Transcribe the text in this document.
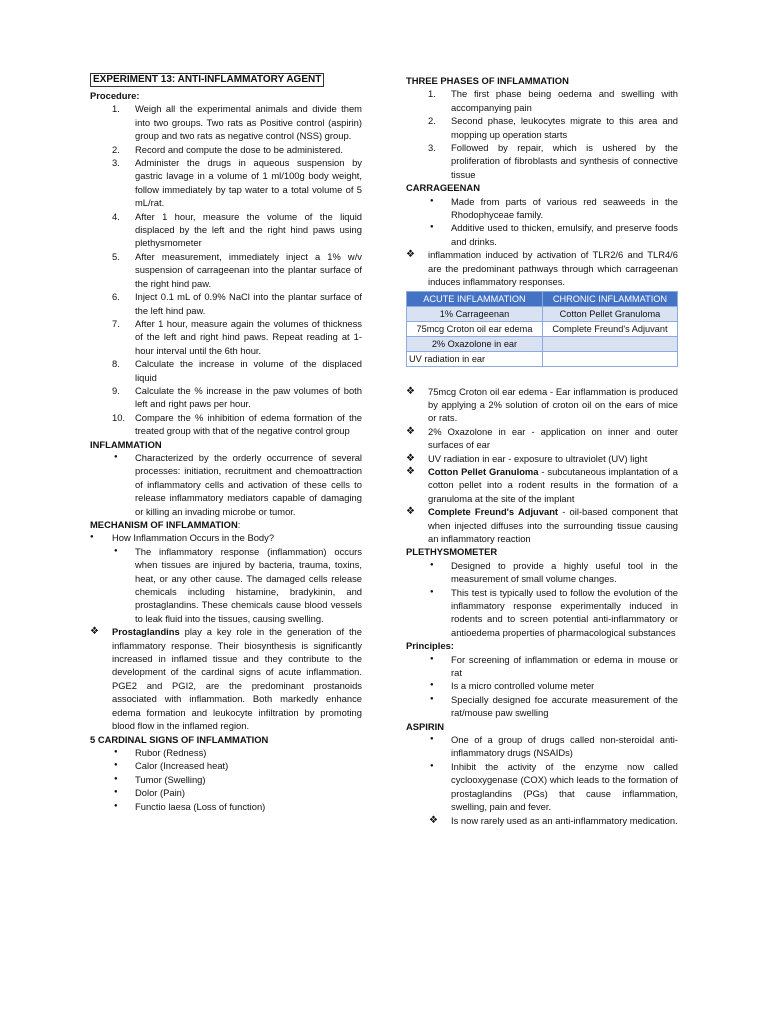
EXPERIMENT 13: ANTI-INFLAMMATORY AGENT
Procedure:
1. Weigh all the experimental animals and divide them into two groups. Two rats as Positive control (aspirin) group and two rats as negative control (NSS) group.
2. Record and compute the dose to be administered.
3. Administer the drugs in aqueous suspension by gastric lavage in a volume of 1 ml/100g body weight, follow immediately by tap water to a total volume of 5 mL/rat.
4. After 1 hour, measure the volume of the liquid displaced by the left and the right hind paws using plethysmometer
5. After measurement, immediately inject a 1% w/v suspension of carrageenan into the plantar surface of the right hind paw.
6. Inject 0.1 mL of 0.9% NaCl into the plantar surface of the left hind paw.
7. After 1 hour, measure again the volumes of thickness of the left and right hind paws. Repeat reading at 1- hour interval until the 6th hour.
8. Calculate the increase in volume of the displaced liquid
9. Calculate the % increase in the paw volumes of both left and right paws per hour.
10. Compare the % inhibition of edema formation of the treated group with that of the negative control group
INFLAMMATION
● Characterized by the orderly occurrence of several processes: initiation, recruitment and chemoattraction of inflammatory cells and activation of these cells to release inflammatory mediators capable of damaging or killing an invading microbe or tumor.
MECHANISM OF INFLAMMATION:
● How Inflammation Occurs in the Body?
● The inflammatory response (inflammation) occurs when tissues are injured by bacteria, trauma, toxins, heat, or any other cause. The damaged cells release chemicals including histamine, bradykinin, and prostaglandins. These chemicals cause blood vessels to leak fluid into the tissues, causing swelling.
❖ Prostaglandins play a key role in the generation of the inflammatory response. Their biosynthesis is significantly increased in inflamed tissue and they contribute to the development of the cardinal signs of acute inflammation. PGE2 and PGI2, are the predominant prostanoids associated with inflammation. Both markedly enhance edema formation and leukocyte infiltration by promoting blood flow in the inflamed region.
5 CARDINAL SIGNS OF INFLAMMATION
● Rubor (Redness)
● Calor (Increased heat)
● Tumor (Swelling)
● Dolor (Pain)
● Functio laesa (Loss of function)
THREE PHASES OF INFLAMMATION
1. The first phase being oedema and swelling with accompanying pain
2. Second phase, leukocytes migrate to this area and mopping up operation starts
3. Followed by repair, which is ushered by the proliferation of fibroblasts and synthesis of connective tissue
CARRAGEENAN
● Made from parts of various red seaweeds in the Rhodophyceae family.
● Additive used to thicken, emulsify, and preserve foods and drinks.
❖ inflammation induced by activation of TLR2/6 and TLR4/6 are the predominant pathways through which carrageenan induces inflammatory responses.
ACUTE INFLAMMATION	CHRONIC INFLAMMATION
1% Carrageenan	Cotton Pellet Granuloma
75mcg Croton oil ear edema	Complete Freund's Adjuvant
2% Oxazolone in ear	
UV radiation in ear	
❖ 75mcg Croton oil ear edema - Ear inflammation is produced by applying a 2% solution of croton oil on the ears of mice or rats.
❖ 2% Oxazolone in ear - application on inner and outer surfaces of ear
❖ UV radiation in ear - exposure to ultraviolet (UV) light
❖ Cotton Pellet Granuloma - subcutaneous implantation of a cotton pellet into a rodent results in the formation of a granuloma at the site of the implant
❖ Complete Freund's Adjuvant - oil-based component that when injected diffuses into the surrounding tissue causing an inflammatory reaction
PLETHYSMOMETER
● Designed to provide a highly useful tool in the measurement of small volume changes.
● This test is typically used to follow the evolution of the inflammatory response experimentally induced in rodents and to screen potential anti-inflammatory or antioedema properties of pharmacological substances
Principles:
● For screening of inflammation or edema in mouse or rat
● Is a micro controlled volume meter
● Specially designed foe accurate measurement of the rat/mouse paw swelling
ASPIRIN
● One of a group of drugs called non-steroidal anti-inflammatory drugs (NSAIDs)
● Inhibit the activity of the enzyme now called cyclooxygenase (COX) which leads to the formation of prostaglandins (PGs) that cause inflammation, swelling, pain and fever.
❖ Is now rarely used as an anti-inflammatory medication.
